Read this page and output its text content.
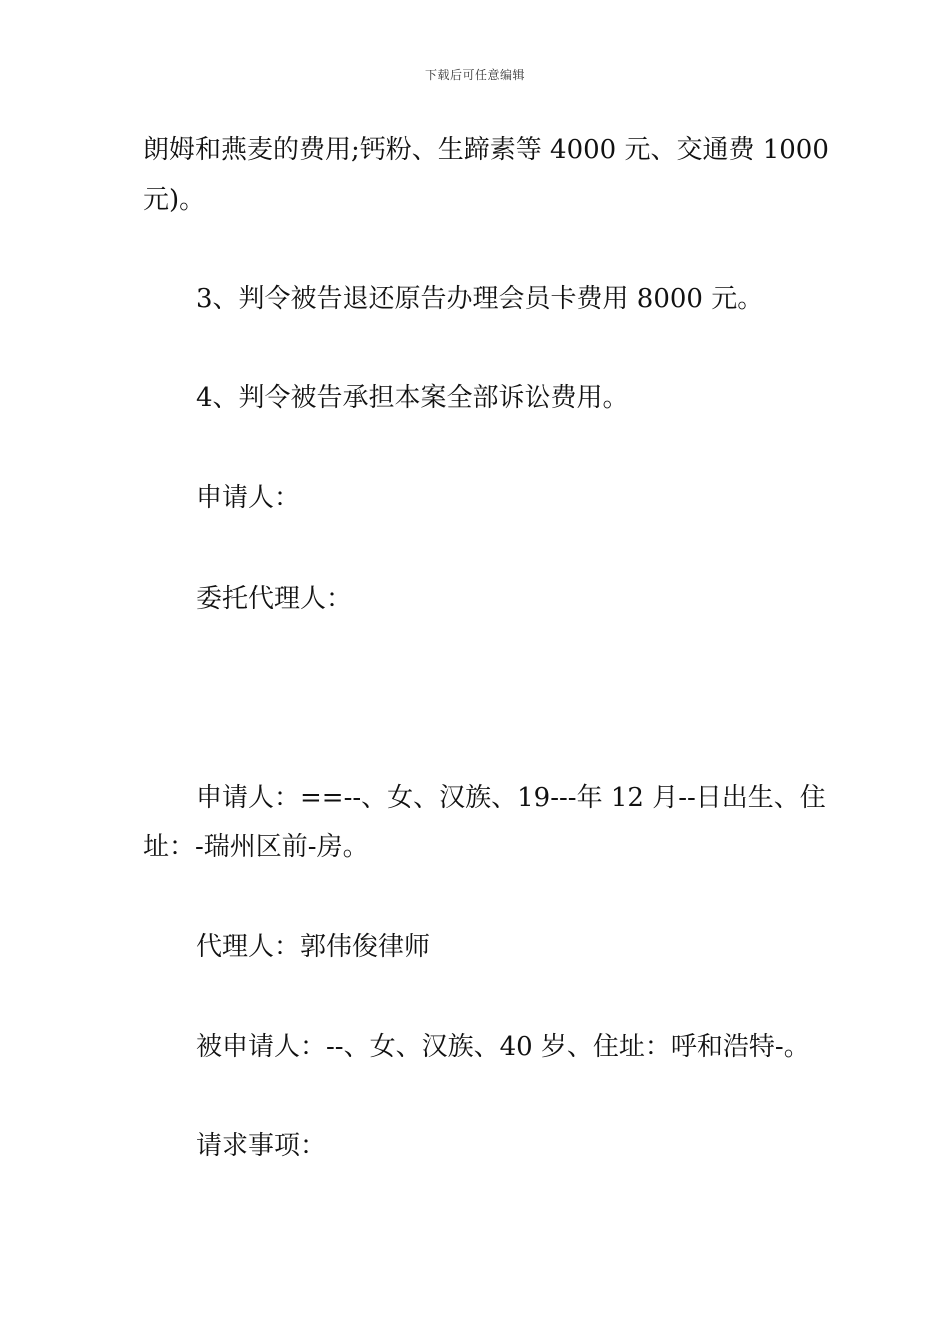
下载后可任意编辑
朗姆和燕麦的费用;钙粉、生蹄素等 4000 元、交通费 1000
元)。
3、判令被告退还原告办理会员卡费用 8000 元。
4、判令被告承担本案全部诉讼费用。
申请人：
委托代理人：
申请人：==--、女、汉族、19---年 12 月--日出生、住
址：-瑞州区前-房。
代理人：郭伟俊律师
被申请人：--、女、汉族、40 岁、住址：呼和浩特-。
请求事项：
